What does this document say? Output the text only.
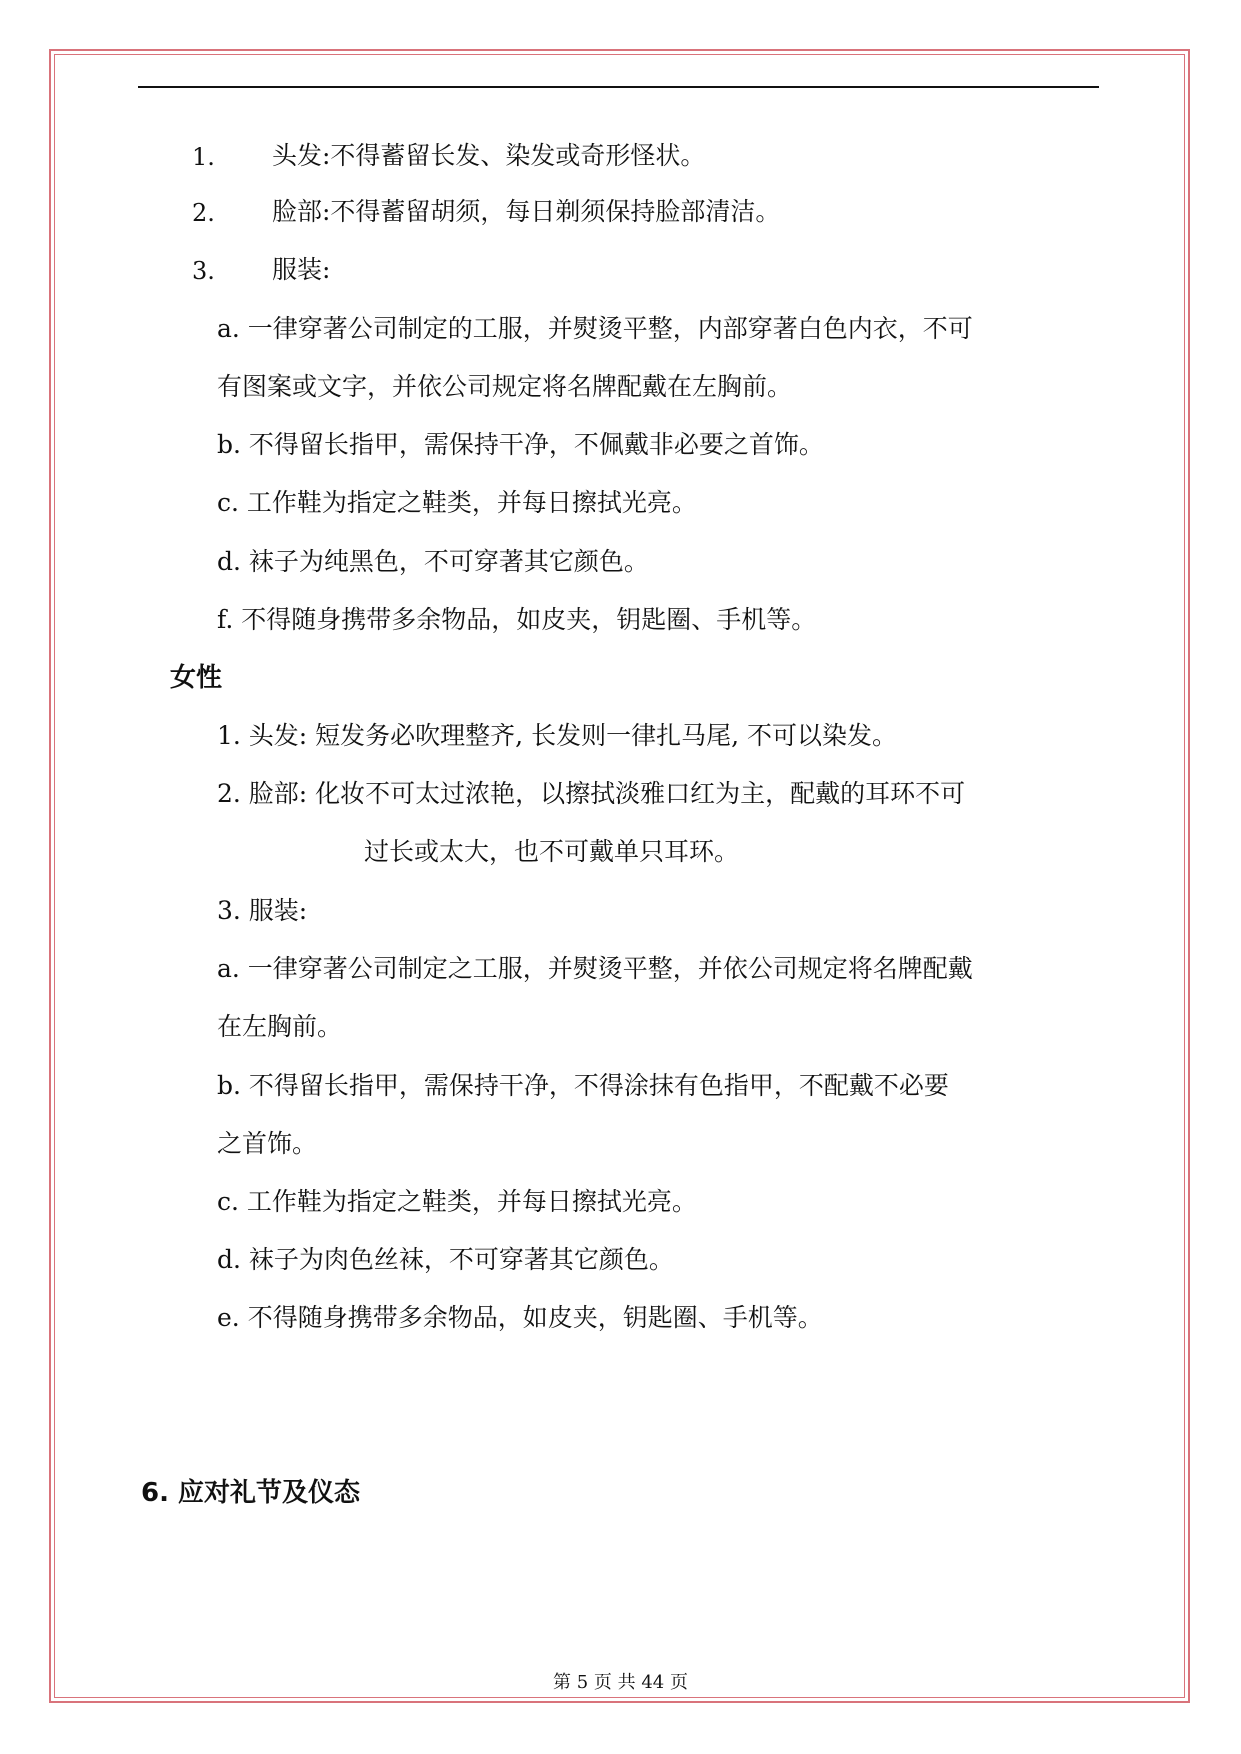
1. 头发:不得蓄留长发、染发或奇形怪状。
2. 脸部:不得蓄留胡须，每日剃须保持脸部清洁。
3. 服装:
a. 一律穿著公司制定的工服，并熨烫平整，内部穿著白色内衣，不可
有图案或文字，并依公司规定将名牌配戴在左胸前。
b. 不得留长指甲，需保持干净，不佩戴非必要之首饰。
c. 工作鞋为指定之鞋类，并每日擦拭光亮。
d. 袜子为纯黑色，不可穿著其它颜色。
f. 不得随身携带多余物品，如皮夹，钥匙圈、手机等。
女性
1. 头发: 短发务必吹理整齐, 长发则一律扎马尾, 不可以染发。
2. 脸部: 化妆不可太过浓艳，以擦拭淡雅口红为主，配戴的耳环不可
过长或太大，也不可戴单只耳环。
3. 服装:
a. 一律穿著公司制定之工服，并熨烫平整，并依公司规定将名牌配戴
在左胸前。
b. 不得留长指甲，需保持干净，不得涂抹有色指甲，不配戴不必要
之首饰。
c. 工作鞋为指定之鞋类，并每日擦拭光亮。
d. 袜子为肉色丝袜，不可穿著其它颜色。
e. 不得随身携带多余物品，如皮夹，钥匙圈、手机等。
6. 应对礼节及仪态
第 5 页 共 44 页
